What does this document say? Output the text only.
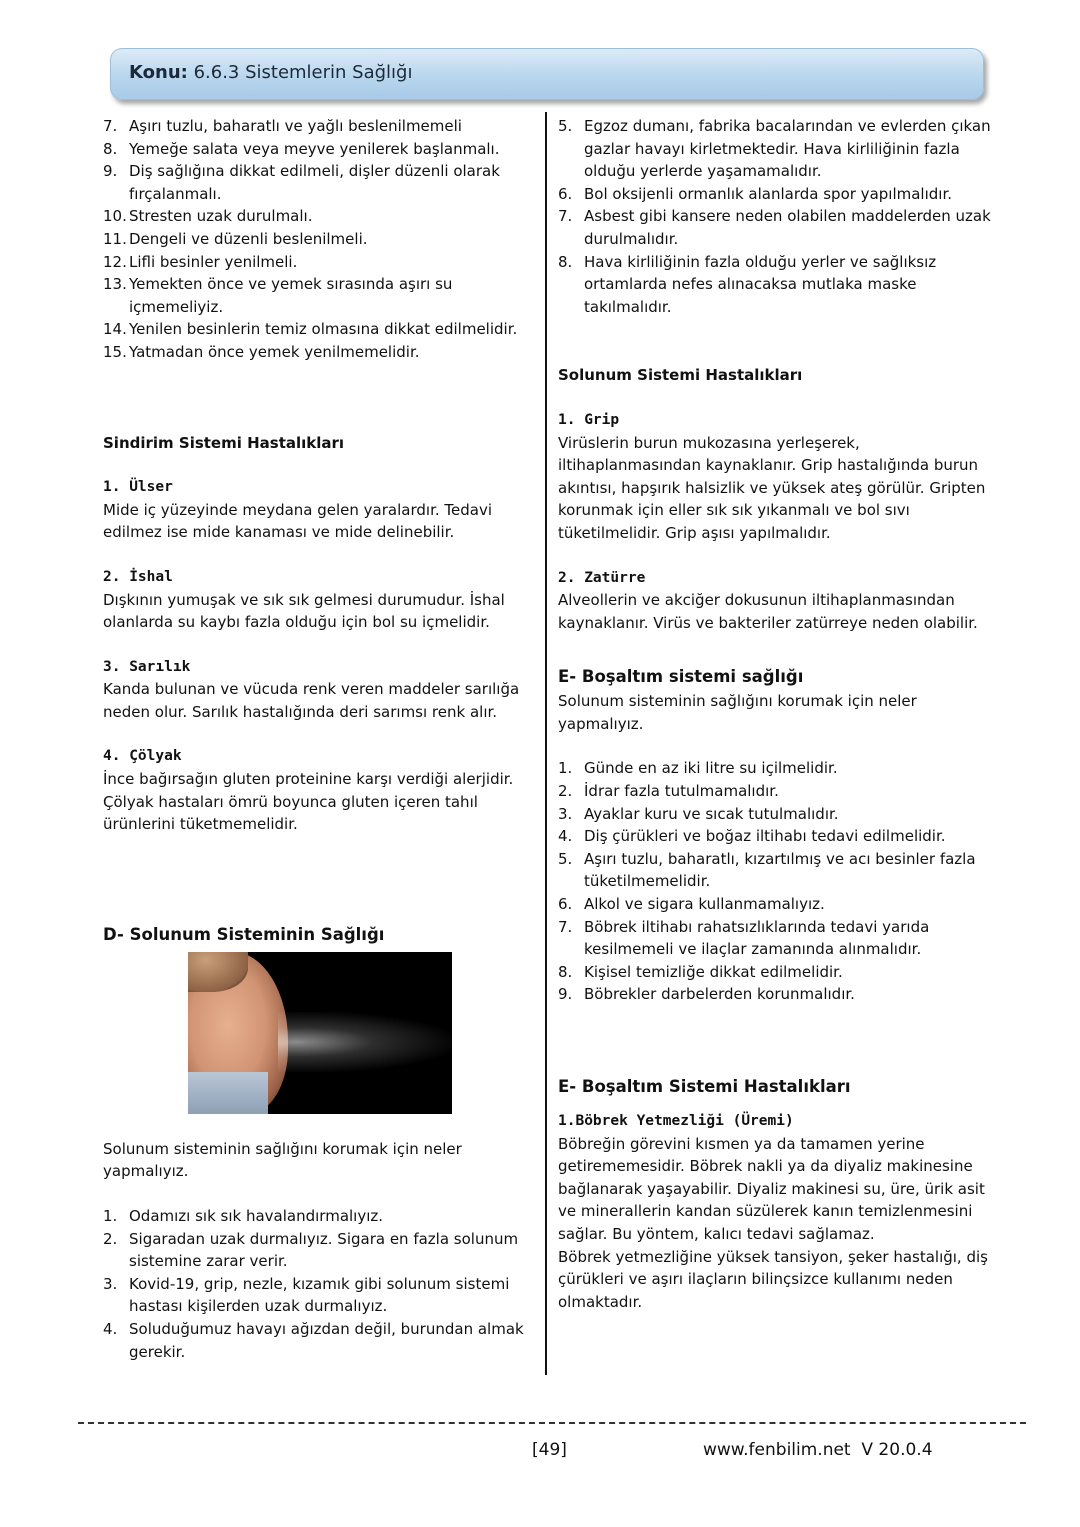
Konu: 6.6.3 Sistemlerin Sağlığı
7. Aşırı tuzlu, baharatlı ve yağlı beslenilmemeli
8. Yemeğe salata veya meyve yenilerek başlanmalı.
9. Diş sağlığına dikkat edilmeli, dişler düzenli olarak fırçalanmalı.
10. Stresten uzak durulmalı.
11. Dengeli ve düzenli beslenilmeli.
12. Lifli besinler yenilmeli.
13. Yemekten önce ve yemek sırasında aşırı su içmemeliyiz.
14. Yenilen besinlerin temiz olmasına dikkat edilmelidir.
15. Yatmadan önce yemek yenilmemelidir.
Sindirim Sistemi Hastalıkları
1. Ülser
Mide iç yüzeyinde meydana gelen yaralardır. Tedavi edilmez ise mide kanaması ve mide delinebilir.
2. İshal
Dışkının yumuşak ve sık sık gelmesi durumudur. İshal olanlarda su kaybı fazla olduğu için bol su içmelidir.
3. Sarılık
Kanda bulunan ve vücuda renk veren maddeler sarılığa neden olur. Sarılık hastalığında deri sarımsı renk alır.
4. Çölyak
İnce bağırsağın gluten proteinine karşı verdiği alerjidir. Çölyak hastaları ömrü boyunca gluten içeren tahıl ürünlerini tüketmemelidir.
D- Solunum Sisteminin Sağlığı
Solunum sisteminin sağlığını korumak için neler yapmalıyız.
1. Odamızı sık sık havalandırmalıyız.
2. Sigaradan uzak durmalıyız. Sigara en fazla solunum sistemine zarar verir.
3. Kovid-19, grip, nezle, kızamık gibi solunum sistemi hastası kişilerden uzak durmalıyız.
4. Soluduğumuz havayı ağızdan değil, burundan almak gerekir.
5. Egzoz dumanı, fabrika bacalarından ve evlerden çıkan gazlar havayı kirletmektedir. Hava kirliliğinin fazla olduğu yerlerde yaşamamalıdır.
6. Bol oksijenli ormanlık alanlarda spor yapılmalıdır.
7. Asbest gibi kansere neden olabilen maddelerden uzak durulmalıdır.
8. Hava kirliliğinin fazla olduğu yerler ve sağlıksız ortamlarda nefes alınacaksa mutlaka maske takılmalıdır.
Solunum Sistemi Hastalıkları
1. Grip
Virüslerin burun mukozasına yerleşerek, iltihaplanmasından kaynaklanır. Grip hastalığında burun akıntısı, hapşırık halsizlik ve yüksek ateş görülür. Gripten korunmak için eller sık sık yıkanmalı ve bol sıvı tüketilmelidir. Grip aşısı yapılmalıdır.
2. Zatürre
Alveollerin ve akciğer dokusunun iltihaplanmasından kaynaklanır. Virüs ve bakteriler zatürreye neden olabilir.
E- Boşaltım sistemi sağlığı
Solunum sisteminin sağlığını korumak için neler yapmalıyız.
1. Günde en az iki litre su içilmelidir.
2. İdrar fazla tutulmamalıdır.
3. Ayaklar kuru ve sıcak tutulmalıdır.
4. Diş çürükleri ve boğaz iltihabı tedavi edilmelidir.
5. Aşırı tuzlu, baharatlı, kızartılmış ve acı besinler fazla tüketilmemelidir.
6. Alkol ve sigara kullanmamalıyız.
7. Böbrek iltihabı rahatsızlıklarında tedavi yarıda kesilmemeli ve ilaçlar zamanında alınmalıdır.
8. Kişisel temizliğe dikkat edilmelidir.
9. Böbrekler darbelerden korunmalıdır.
E- Boşaltım Sistemi Hastalıkları
1.Böbrek Yetmezliği (Üremi)
Böbreğin görevini kısmen ya da tamamen yerine getirememesidir. Böbrek nakli ya da diyaliz makinesine bağlanarak yaşayabilir. Diyaliz makinesi su, üre, ürik asit ve minerallerin kandan süzülerek kanın temizlenmesini sağlar. Bu yöntem, kalıcı tedavi sağlamaz.
Böbrek yetmezliğine yüksek tansiyon, şeker hastalığı, diş çürükleri ve aşırı ilaçların bilinçsizce kullanımı neden olmaktadır.
[49]	www.fenbilim.net  V 20.0.4
